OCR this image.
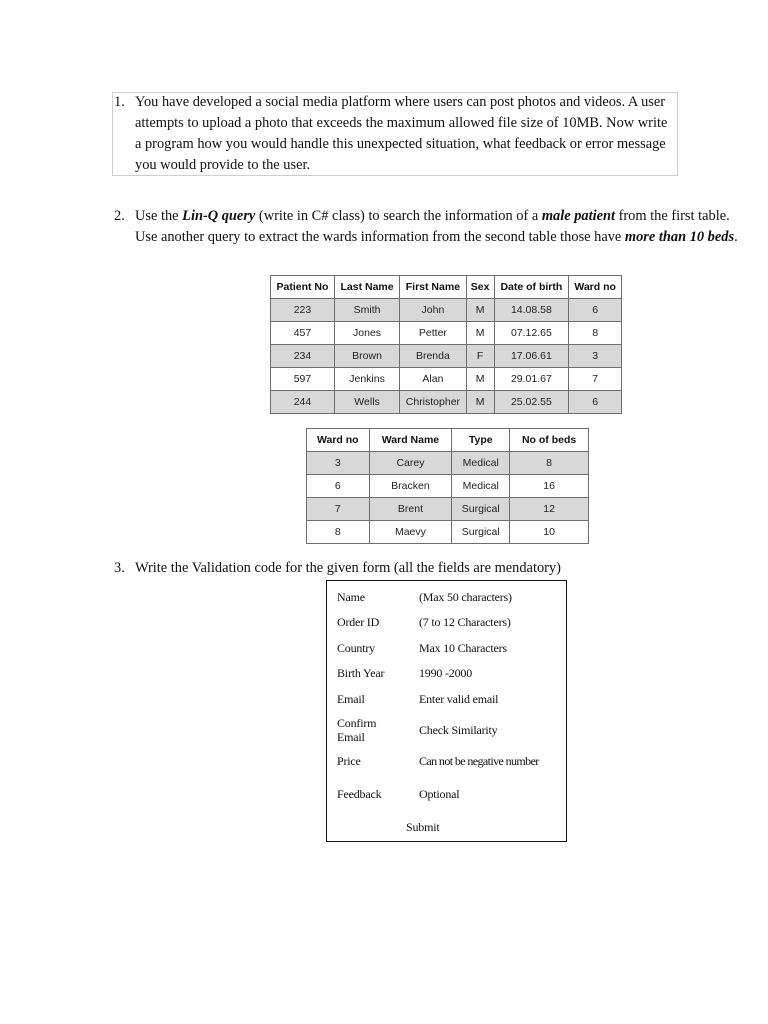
1. You have developed a social media platform where users can post photos and videos. A user attempts to upload a photo that exceeds the maximum allowed file size of 10MB. Now write a program how you would handle this unexpected situation, what feedback or error message you would provide to the user.
2. Use the Lin-Q query (write in C# class) to search the information of a male patient from the first table. Use another query to extract the wards information from the second table those have more than 10 beds.
Patient No	Last Name	First Name	Sex	Date of birth	Ward no
223	Smith	John	M	14.08.58	6
457	Jones	Petter	M	07.12.65	8
234	Brown	Brenda	F	17.06.61	3
597	Jenkins	Alan	M	29.01.67	7
244	Wells	Christopher	M	25.02.55	6
Ward no	Ward Name	Type	No of beds
3	Carey	Medical	8
6	Bracken	Medical	16
7	Brent	Surgical	12
8	Maevy	Surgical	10
3. Write the Validation code for the given form (all the fields are mendatory)
Name	(Max 50 characters)
Order ID	(7 to 12 Characters)
Country	Max 10 Characters
Birth Year	1990 -2000
Email	Enter valid email
Confirm Email	Check Similarity
Price	Can not be negative number
Feedback	Optional
Submit
